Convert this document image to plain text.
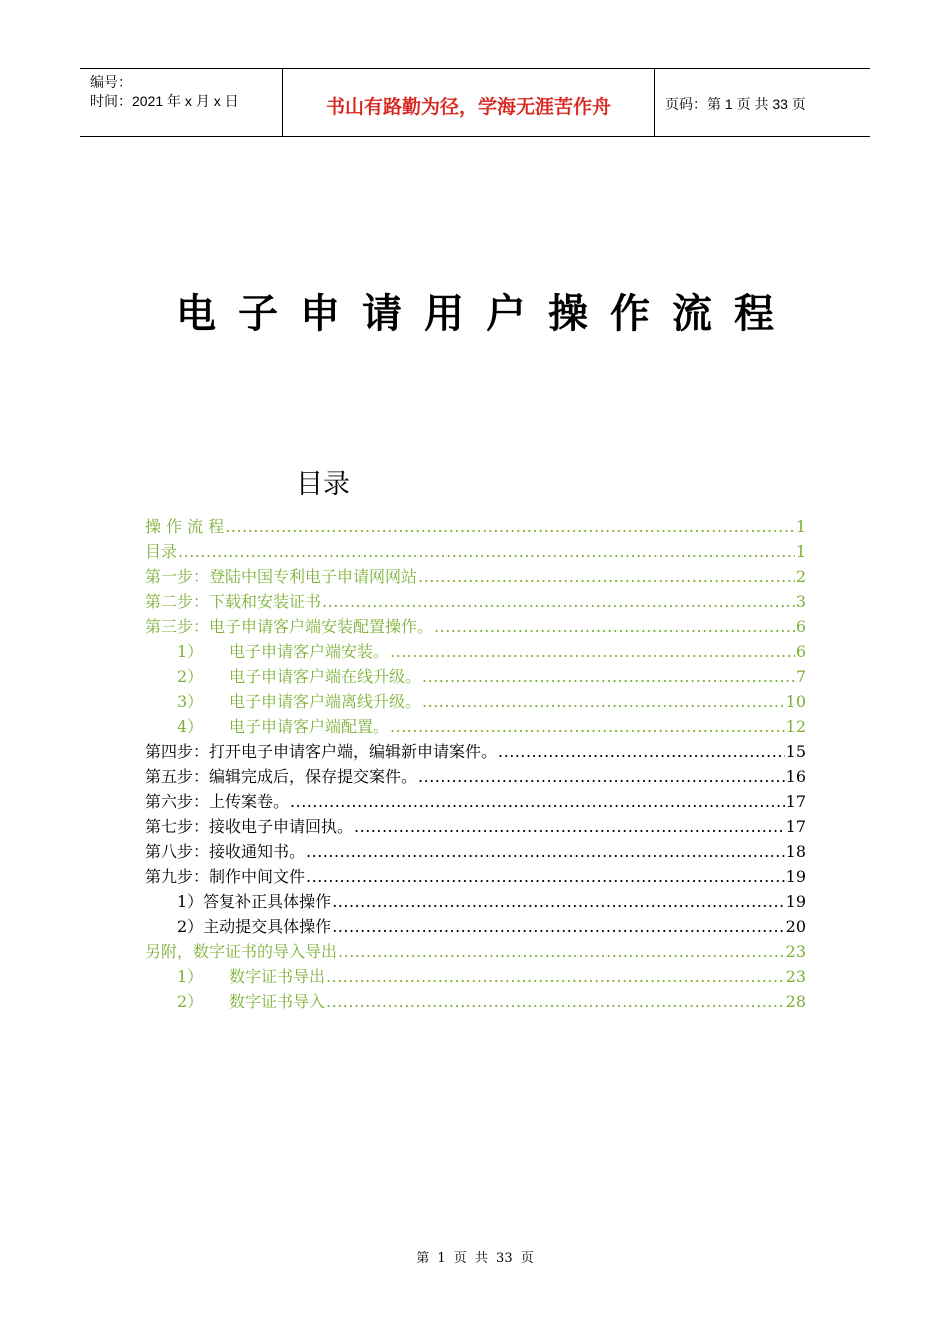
编号：
时间：2021 年 x 月 x 日	书山有路勤为径，学海无涯苦作舟	页码：第 1 页 共 33 页
电子申请用户操作流程
目录
操 作 流 程 .....	1
目录 .....	1
第一步：登陆中国专利电子申请网网站 .....	2
第二步：下载和安装证书 .....	3
第三步：电子申请客户端安装配置操作。 .....	6
1）	电子申请客户端安装。 .....	6
2）	电子申请客户端在线升级。 .....	7
3）	电子申请客户端离线升级。 .....	10
4）	电子申请客户端配置。 .....	12
第四步：打开电子申请客户端，编辑新申请案件。 .....	15
第五步：编辑完成后，保存提交案件。 .....	16
第六步：上传案卷。 .....	17
第七步：接收电子申请回执。 .....	17
第八步：接收通知书。 .....	18
第九步：制作中间文件 .....	19
1）答复补正具体操作 .....	19
2）主动提交具体操作 .....	20
另附，数字证书的导入导出 .....	23
1）	数字证书导出 .....	23
2）	数字证书导入 .....	28
第 1 页 共 33 页
